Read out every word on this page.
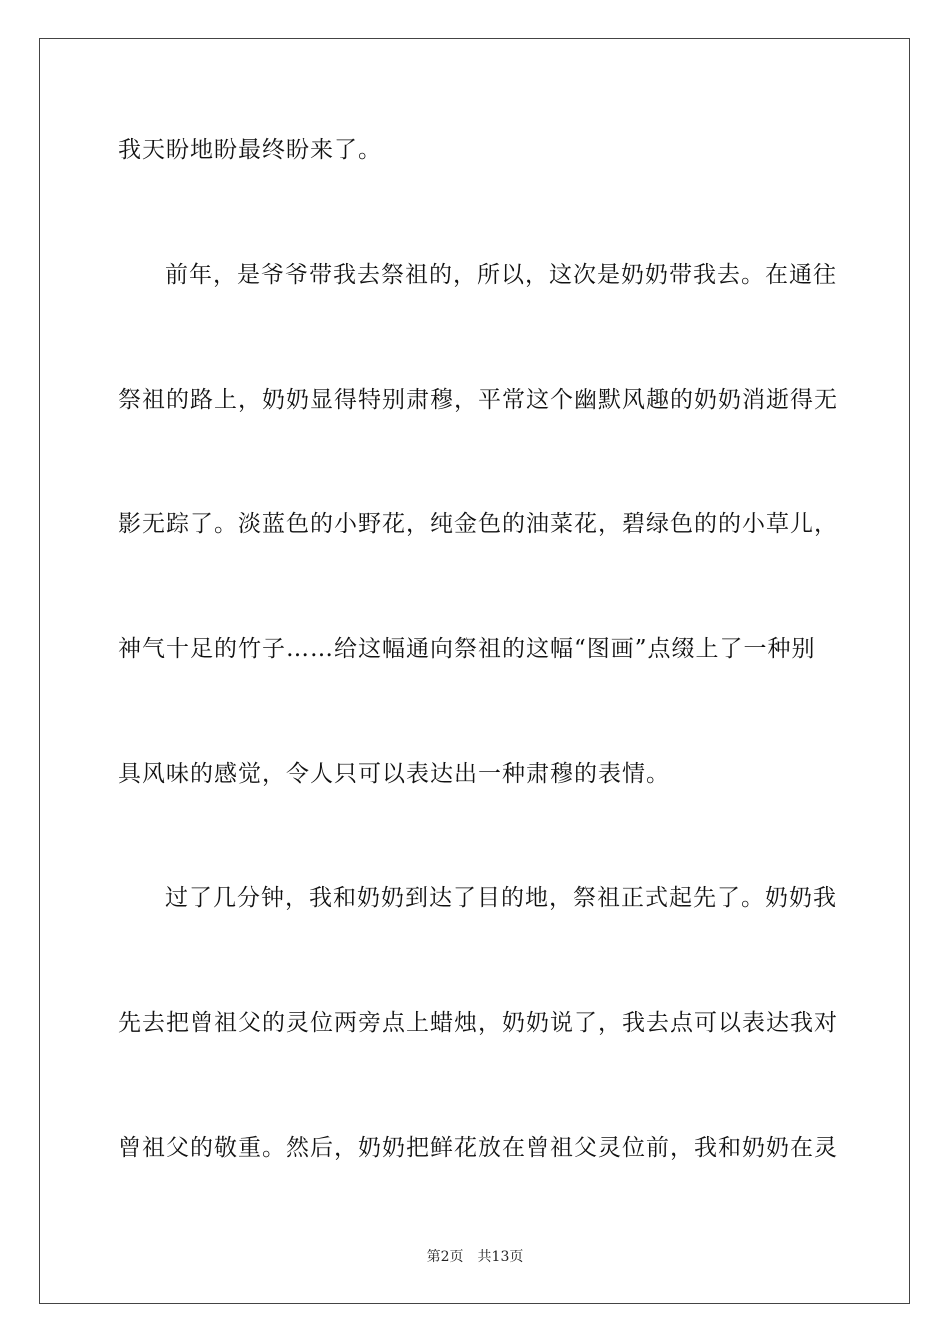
我天盼地盼最终盼来了。
前年，是爷爷带我去祭祖的，所以，这次是奶奶带我去。在通往
祭祖的路上，奶奶显得特别肃穆，平常这个幽默风趣的奶奶消逝得无
影无踪了。淡蓝色的小野花，纯金色的油菜花，碧绿色的的小草儿，
神气十足的竹子……给这幅通向祭祖的这幅“图画”点缀上了一种别
具风味的感觉，令人只可以表达出一种肃穆的表情。
过了几分钟，我和奶奶到达了目的地，祭祖正式起先了。奶奶我
先去把曾祖父的灵位两旁点上蜡烛，奶奶说了，我去点可以表达我对
曾祖父的敬重。然后，奶奶把鲜花放在曾祖父灵位前，我和奶奶在灵
第2页 共13页
